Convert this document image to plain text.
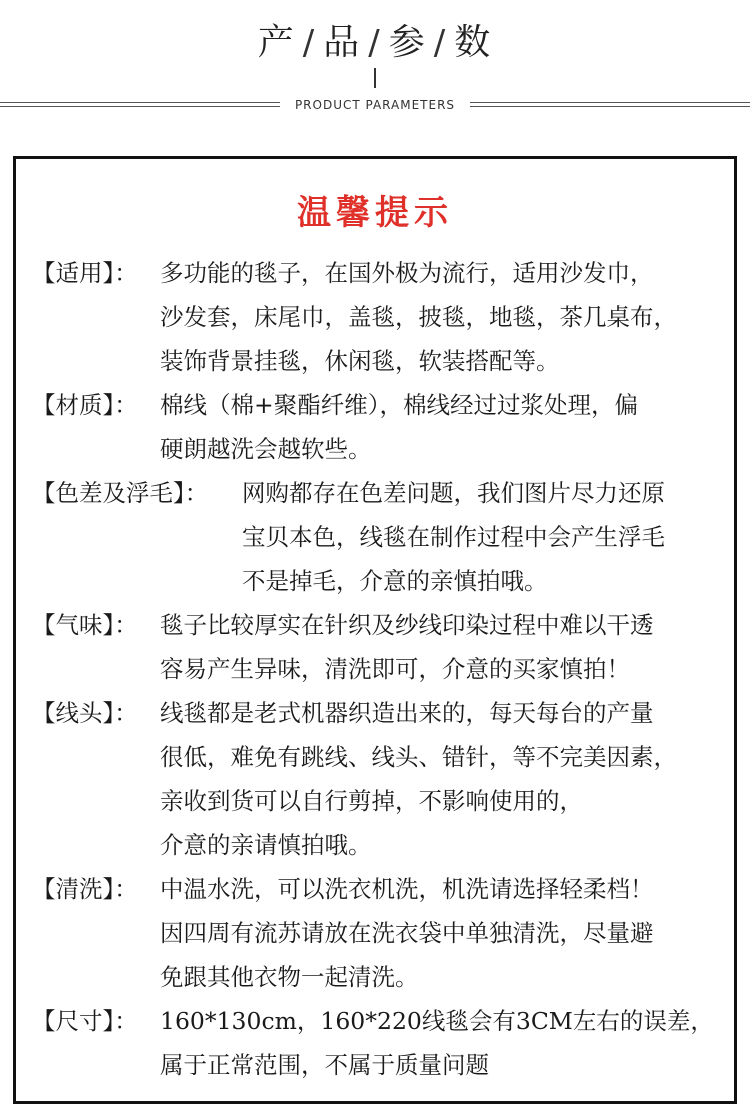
产 / 品 / 参 / 数
PRODUCT PARAMETERS
温馨提示
【适用】： 多功能的毯子，在国外极为流行，适用沙发巾，
沙发套，床尾巾，盖毯，披毯，地毯，茶几桌布，
装饰背景挂毯，休闲毯，软装搭配等。
【材质】： 棉线（棉+聚酯纤维），棉线经过过浆处理，偏
硬朗越洗会越软些。
【色差及浮毛】： 网购都存在色差问题，我们图片尽力还原
宝贝本色，线毯在制作过程中会产生浮毛
不是掉毛，介意的亲慎拍哦。
【气味】： 毯子比较厚实在针织及纱线印染过程中难以干透
容易产生异味，清洗即可，介意的买家慎拍！
【线头】： 线毯都是老式机器织造出来的，每天每台的产量
很低，难免有跳线、线头、错针，等不完美因素，
亲收到货可以自行剪掉，不影响使用的，
介意的亲请慎拍哦。
【清洗】： 中温水洗，可以洗衣机洗，机洗请选择轻柔档！
因四周有流苏请放在洗衣袋中单独清洗，尽量避
免跟其他衣物一起清洗。
【尺寸】： 160*130cm，160*220线毯会有3CM左右的误差，
属于正常范围，不属于质量问题
